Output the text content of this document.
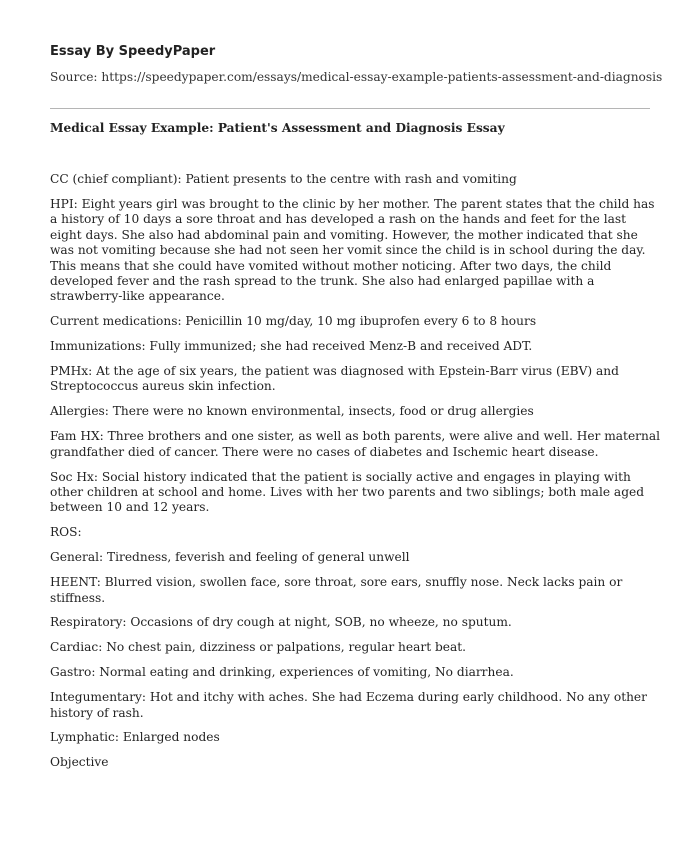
Essay By SpeedyPaper
Source: https://speedypaper.com/essays/medical-essay-example-patients-assessment-and-diagnosis
Medical Essay Example: Patient's Assessment and Diagnosis Essay

CC (chief compliant): Patient presents to the centre with rash and vomiting

HPI: Eight years girl was brought to the clinic by her mother. The parent states that the child has a history of 10 days a sore throat and has developed a rash on the hands and feet for the last eight days. She also had abdominal pain and vomiting. However, the mother indicated that she was not vomiting because she had not seen her vomit since the child is in school during the day. This means that she could have vomited without mother noticing. After two days, the child developed fever and the rash spread to the trunk. She also had enlarged papillae with a strawberry-like appearance.

Current medications: Penicillin 10 mg/day, 10 mg ibuprofen every 6 to 8 hours

Immunizations: Fully immunized; she had received Menz-B and received ADT.

PMHx: At the age of six years, the patient was diagnosed with Epstein-Barr virus (EBV) and Streptococcus aureus skin infection.

Allergies: There were no known environmental, insects, food or drug allergies

Fam HX: Three brothers and one sister, as well as both parents, were alive and well. Her maternal grandfather died of cancer. There were no cases of diabetes and Ischemic heart disease.

Soc Hx: Social history indicated that the patient is socially active and engages in playing with other children at school and home. Lives with her two parents and two siblings; both male aged between 10 and 12 years.

ROS:

General: Tiredness, feverish and feeling of general unwell

HEENT: Blurred vision, swollen face, sore throat, sore ears, snuffly nose. Neck lacks pain or stiffness.

Respiratory: Occasions of dry cough at night, SOB, no wheeze, no sputum.

Cardiac: No chest pain, dizziness or palpations, regular heart beat.

Gastro: Normal eating and drinking, experiences of vomiting, No diarrhea.

Integumentary: Hot and itchy with aches. She had Eczema during early childhood. No any other history of rash.

Lymphatic: Enlarged nodes

Objective
